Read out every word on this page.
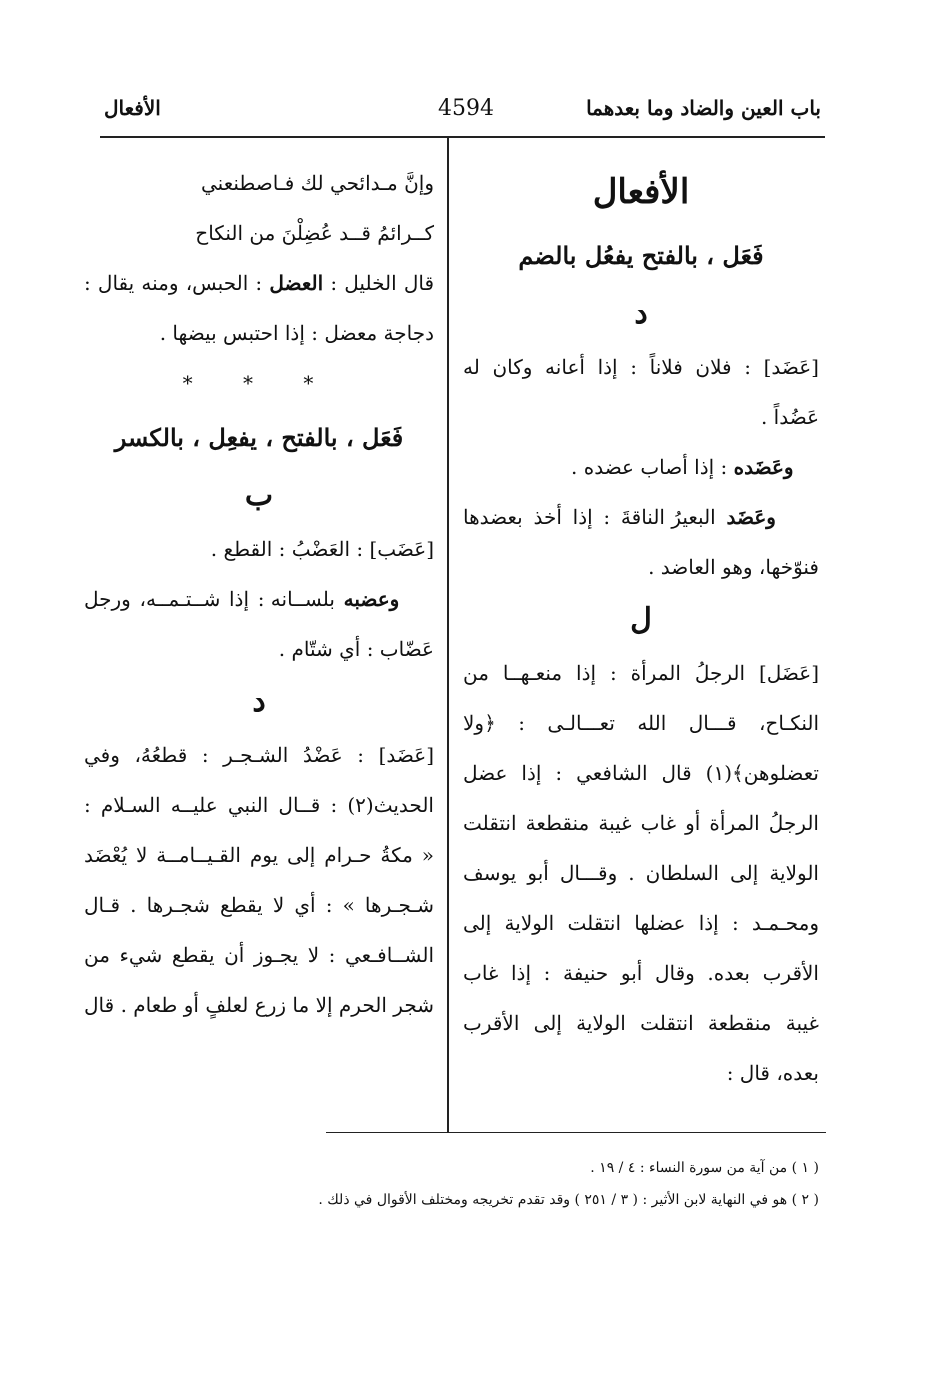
باب العين والضاد وما بعدهما
4594
الأفعال
الأفعال
فَعَل ، بالفتح يفعُل بالضم
د
[عَضَد] : فلان فلاناً : إذا أعانه وكان له
عَضُداً .
وعَضَده : إذا أصاب عضده .
وعَضَد البعيرُ الناقةَ : إذا أخذ بعضدها
فنوّخها، وهو العاضد .
ل
[عَضَل] الرجلُ المرأة : إذا منعـهــا من
النكـاح، قـــال الله تعـــالـى : ﴿ولا
تعضلوهن﴾(١) قال الشافعي : إذا عضل
الرجلُ المرأة أو غاب غيبة منقطعة انتقلت
الولاية إلى السلطان . وقـــال أبو يوسف
ومحـمـد : إذا عضلها انتقلت الولاية إلى
الأقرب بعده. وقال أبو حنيفة : إذا غاب
غيبة منقطعة انتقلت الولاية إلى الأقرب
بعده، قال :
وإنَّ مـدائحي لك فـاصطنعني
كــرائمُ قــد عُضِلْنَ من النكاح
قال الخليل : العضل : الحبس، ومنه يقال :
دجاجة معضل : إذا احتبس بيضها .
* * *
فَعَل ، بالفتح ، يفعِل ، بالكسر
ب
[عَضَب] : العَضْبُ : القطع .
وعضبه بلســانه : إذا شــتـمــه، ورجل
عَضّاب : أي شتّام .
د
[عَضَد] : عَضْدُ الشـجـر : قطعُهُ، وفي
الحديث(٢) : قــال النبي عليــه السـلام :
« مكةُ حـرام إلى يوم القـيــامــة لا يُعْضَد
شـجـرها » : أي لا يقطع شجـرها . قـال
الشــافـعي : لا يجـوز أن يقطع شيء من
شجر الحرم إلا ما زرع لعلفٍ أو طعام . قال
( ١ ) من آية من سورة النساء : ٤ / ١٩ .
( ٢ ) هو في النهاية لابن الأثير : ( ٣ / ٢٥١ ) وقد تقدم تخريجه ومختلف الأقوال في ذلك .
